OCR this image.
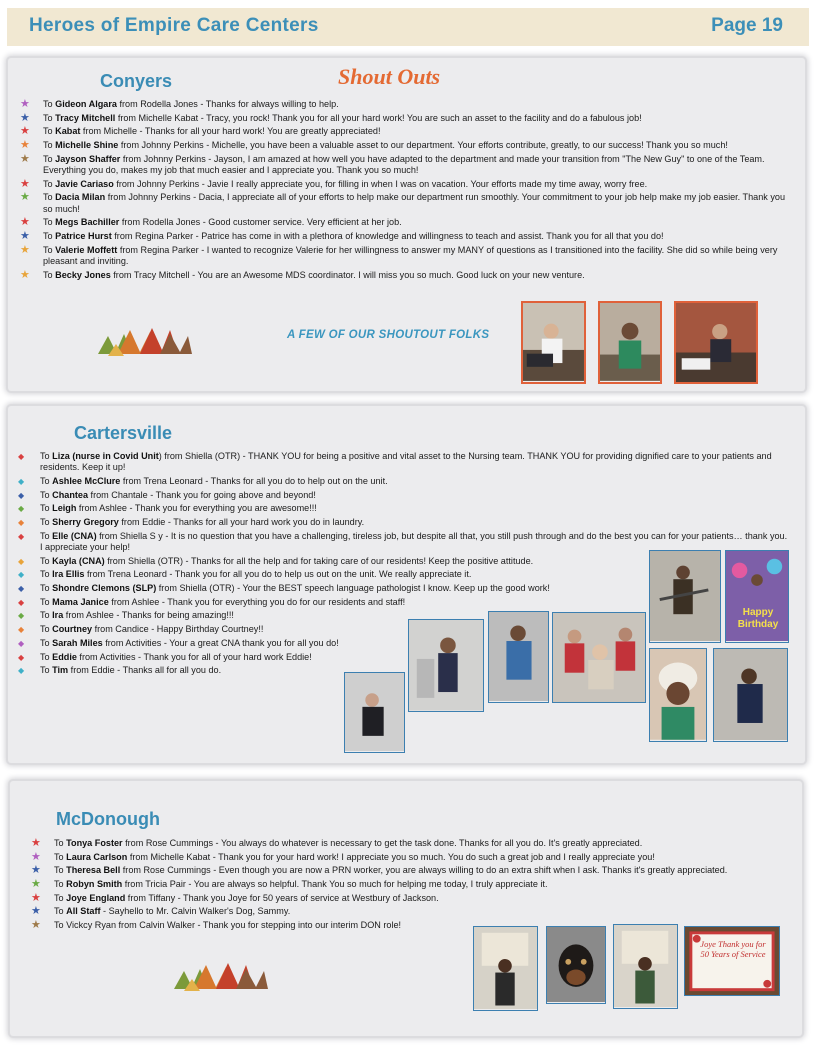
Heroes of Empire Care Centers	Page 19
Conyers	Shout Outs
★ To Gideon Algara from Rodella Jones - Thanks for always willing to help.
★ To Tracy Mitchell from Michelle Kabat - Tracy, you rock! Thank you for all your hard work! You are such an asset to the facility and do a fabulous job!
★ To Kabat from Michelle - Thanks for all your hard work! You are greatly appreciated!
★ To Michelle Shine from Johnny Perkins - Michelle, you have been a valuable asset to our department. Your efforts contribute, greatly, to our success! Thank you so much!
★ To Jayson Shaffer from Johnny Perkins - Jayson, I am amazed at how well you have adapted to the department and made your transition from "The New Guy" to one of the Team. Everything you do, makes my job that much easier and I appreciate you. Thank you so much!
★ To Javie Cariaso from Johnny Perkins - Javie I really appreciate you, for filling in when I was on vacation. Your efforts made my time away, worry free.
★ To Dacia Milan from Johnny Perkins - Dacia, I appreciate all of your efforts to help make our department run smoothly. Your commitment to your job help make my job easier. Thank you so much!
★ To Megs Bachiller from Rodella Jones - Good customer service. Very efficient at her job.
★ To Patrice Hurst from Regina Parker - Patrice has come in with a plethora of knowledge and willingness to teach and assist. Thank you for all that you do!
★ To Valerie Moffett from Regina Parker - I wanted to recognize Valerie for her willingness to answer my MANY of questions as I transitioned into the facility. She did so while being very pleasant and inviting.
★ To Becky Jones from Tracy Mitchell - You are an Awesome MDS coordinator. I will miss you so much. Good luck on your new venture.
A FEW OF OUR SHOUTOUT FOLKS
Cartersville
◆ To Liza (nurse in Covid Unit) from Shiella (OTR) - THANK YOU for being a positive and vital asset to the Nursing team. THANK YOU for providing dignified care to your patients and residents. Keep it up!
◆ To Ashlee McClure from Trena Leonard - Thanks for all you do to help out on the unit.
◆ To Chantea from Chantale - Thank you for going above and beyond!
◆ To Leigh from Ashlee - Thank you for everything you are awesome!!!
◆ To Sherry Gregory from Eddie - Thanks for all your hard work you do in laundry.
◆ To Elle (CNA) from Shiella S y - It is no question that you have a challenging, tireless job, but despite all that, you still push through and do the best you can for your patients… thank you. I appreciate your help!
◆ To Kayla (CNA) from Shiella (OTR) - Thanks for all the help and for taking care of our residents! Keep the positive attitude.
◆ To Ira Ellis from Trena Leonard - Thank you for all you do to help us out on the unit. We really appreciate it.
◆ To Shondre Clemons (SLP) from Shiella (OTR) - Your the BEST speech language pathologist I know. Keep up the good work!
◆ To Mama Janice from Ashlee - Thank you for everything you do for our residents and staff!
◆ To Ira from Ashlee - Thanks for being amazing!!!
◆ To Courtney from Candice - Happy Birthday Courtney!!
◆ To Sarah Miles from Activities - Your a great CNA thank you for all you do!
◆ To Eddie from Activities - Thank you for all of your hard work Eddie!
◆ To Tim from Eddie - Thanks all for all you do.
Happy Birthday
McDonough
★ To Tonya Foster from Rose Cummings - You always do whatever is necessary to get the task done. Thanks for all you do. It's greatly appreciated.
★ To Laura Carlson from Michelle Kabat - Thank you for your hard work! I appreciate you so much. You do such a great job and I really appreciate you!
★ To Theresa Bell from Rose Cummings - Even though you are now a PRN worker, you are always willing to do an extra shift when I ask. Thanks it's greatly appreciated.
★ To Robyn Smith from Tricia Pair - You are always so helpful. Thank You so much for helping me today, I truly appreciate it.
★ To Joye England from Tiffany - Thank you Joye for 50 years of service at Westbury of Jackson.
★ To All Staff - Sayhello to Mr. Calvin Walker's Dog, Sammy.
★ To Vickcy Ryan from Calvin Walker - Thank you for stepping into our interim DON role!
Joye Thank you for 50 Years of Service
